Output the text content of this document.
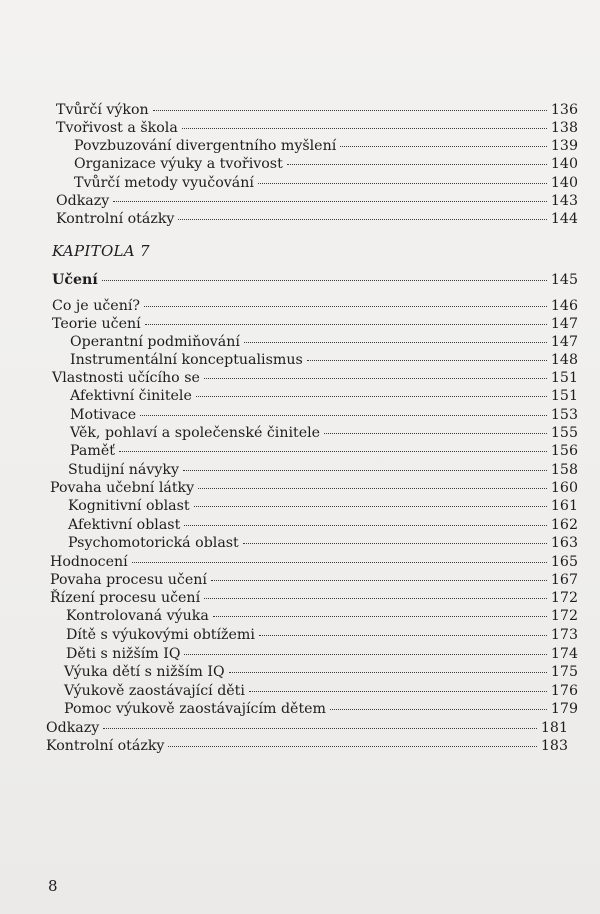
Tvůrčí výkon	136
Tvořivost a škola	138
Povzbuzování divergentního myšlení	139
Organizace výuky a tvořivost	140
Tvůrčí metody vyučování	140
Odkazy	143
Kontrolní otázky	144
KAPITOLA 7
Učení	145
Co je učení?	146
Teorie učení	147
Operantní podmiňování	147
Instrumentální konceptualismus	148
Vlastnosti učícího se	151
Afektivní činitele	151
Motivace	153
Věk, pohlaví a společenské činitele	155
Paměť	156
Studijní návyky	158
Povaha učební látky	160
Kognitivní oblast	161
Afektivní oblast	162
Psychomotorická oblast	163
Hodnocení	165
Povaha procesu učení	167
Řízení procesu učení	172
Kontrolovaná výuka	172
Dítě s výukovými obtížemi	173
Děti s nižším IQ	174
Výuka dětí s nižším IQ	175
Výukově zaostávající děti	176
Pomoc výukově zaostávajícím dětem	179
Odkazy	181
Kontrolní otázky	183
8
